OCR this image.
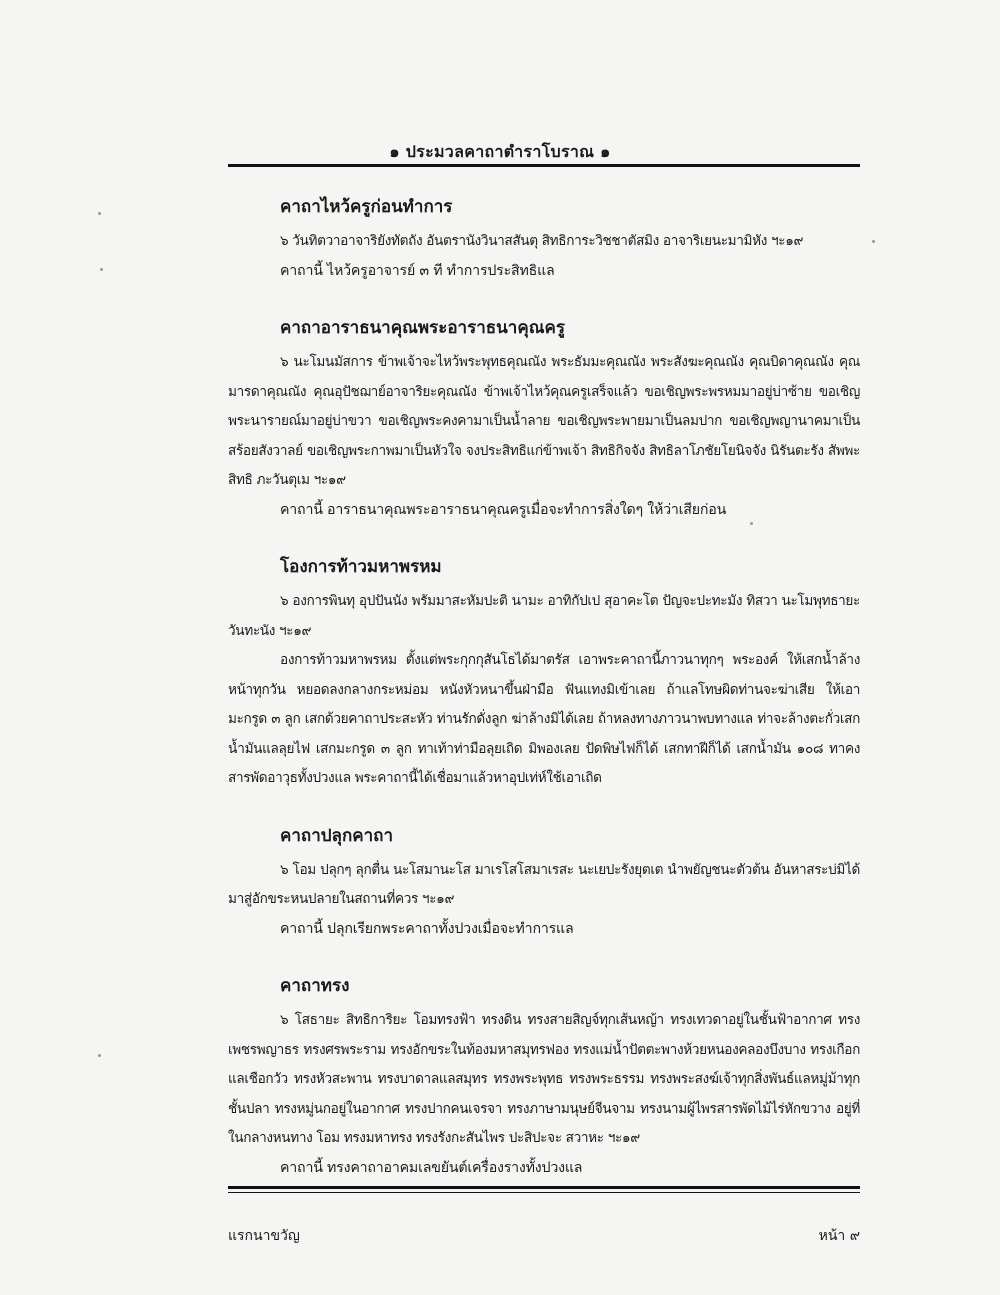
๑ ประมวลคาถาตำราโบราณ ๑
คาถาไหว้ครูก่อนทำการ

๖ วันทิตวาอาจาริยังทัตถัง อันตรานังวินาสสันตุ สิทธิการะวิชชาตัสมิง อาจาริเยนะมามิหัง ฯะ๑๙

คาถานี้ ไหว้ครูอาจารย์ ๓ ที ทำการประสิทธิแล

คาถาอาราธนาคุณพระอาราธนาคุณครู

๖ นะโมนมัสการ ข้าพเจ้าจะไหว้พระพุทธคุณณัง พระธัมมะคุณณัง พระสังฆะคุณณัง คุณบิดาคุณณัง คุณมารดาคุณณัง คุณอุปัชฌาย์อาจาริยะคุณณัง ข้าพเจ้าไหว้คุณครูเสร็จแล้ว ขอเชิญพระพรหมมาอยู่บ่าซ้าย ขอเชิญพระนารายณ์มาอยู่บ่าขวา ขอเชิญพระคงคามาเป็นน้ำลาย ขอเชิญพระพายมาเป็นลมปาก ขอเชิญพญานาคมาเป็นสร้อยสังวาลย์ ขอเชิญพระกาพมาเป็นหัวใจ จงประสิทธิแก่ข้าพเจ้า สิทธิกิจจัง สิทธิลาโภชัยโยนิจจัง นิรันตะรัง สัพพะสิทธิ ภะวันตุเม ฯะ๑๙

คาถานี้ อาราธนาคุณพระอาราธนาคุณครูเมื่อจะทำการสิ่งใดๆ ให้ว่าเสียก่อน

โองการท้าวมหาพรหม

๖ องการพินทุ อุปปันนัง พรัมมาสะหัมปะติ นามะ อาทิกัปเป สุอาคะโต ปัญจะปะทะมัง ทิสวา นะโมพุทธายะ วันทะนัง ฯะ๑๙

องการท้าวมหาพรหม ตั้งแต่พระกุกกุสันโธได้มาตรัส เอาพระคาถานี้ภาวนาทุกๆ พระองค์ ให้เสกน้ำล้างหน้าทุกวัน หยอดลงกลางกระหม่อม หนังหัวหนาขึ้นฝ่ามือ ฟันแทงมิเข้าเลย ถ้าแลโทษผิดท่านจะฆ่าเสีย ให้เอามะกรูด ๓ ลูก เสกด้วยคาถาประสะหัว ท่านรักดั่งลูก ฆ่าล้างมิได้เลย ถ้าหลงทางภาวนาพบทางแล ท่าจะล้างตะกั่วเสกน้ำมันแลลุยไฟ เสกมะกรูด ๓ ลูก ทาเท้าท่ามือลุยเถิด มิพองเลย ปัดพิษไฟก็ได้ เสกทาฝีก็ได้ เสกน้ำมัน ๑๐๘ ทาคงสารพัดอาวุธทั้งปวงแล พระคาถานี้ได้เชื่อมาแล้วหาอุปเท่ห์ใช้เอาเถิด

คาถาปลุกคาถา

๖ โอม ปลุกๆ ลุกตื่น นะโสมานะโส มาเรโสโสมาเรสะ นะเยปะรังยุตเต นำพยัญชนะตัวต้น อันหาสระบ่มิได้ มาสู่อักขระหนปลายในสถานที่ควร ฯะ๑๙

คาถานี้ ปลุกเรียกพระคาถาทั้งปวงเมื่อจะทำการแล

คาถาทรง

๖ โสธายะ สิทธิการิยะ โอมทรงฟ้า ทรงดิน ทรงสายสิญจ์ทุกเส้นหญ้า ทรงเทวดาอยู่ในชั้นฟ้าอากาศ ทรงเพชรพญาธร ทรงศรพระราม ทรงอักขระในท้องมหาสมุทรฟอง ทรงแม่น้ำปัตตะพางห้วยหนองคลองบึงบาง ทรงเกือกแลเชือกวัว ทรงหัวสะพาน ทรงบาดาลแลสมุทร ทรงพระพุทธ ทรงพระธรรม ทรงพระสงฆ์เจ้าทุกสิ่งพันธ์แลหมู่ม้าทุกชั้นปลา ทรงหมู่นกอยู่ในอากาศ ทรงปากคนเจรจา ทรงภาษามนุษย์จีนจาม ทรงนามผู้ไพรสารพัดไม้ไร่หักขวาง อยู่ที่ในกลางหนทาง โอม ทรงมหาทรง ทรงรังกะสันไพร ปะสิปะจะ สวาหะ ฯะ๑๙

คาถานี้ ทรงคาถาอาคมเลขยันต์เครื่องรางทั้งปวงแล

แรกนาขวัญ	หน้า ๙
